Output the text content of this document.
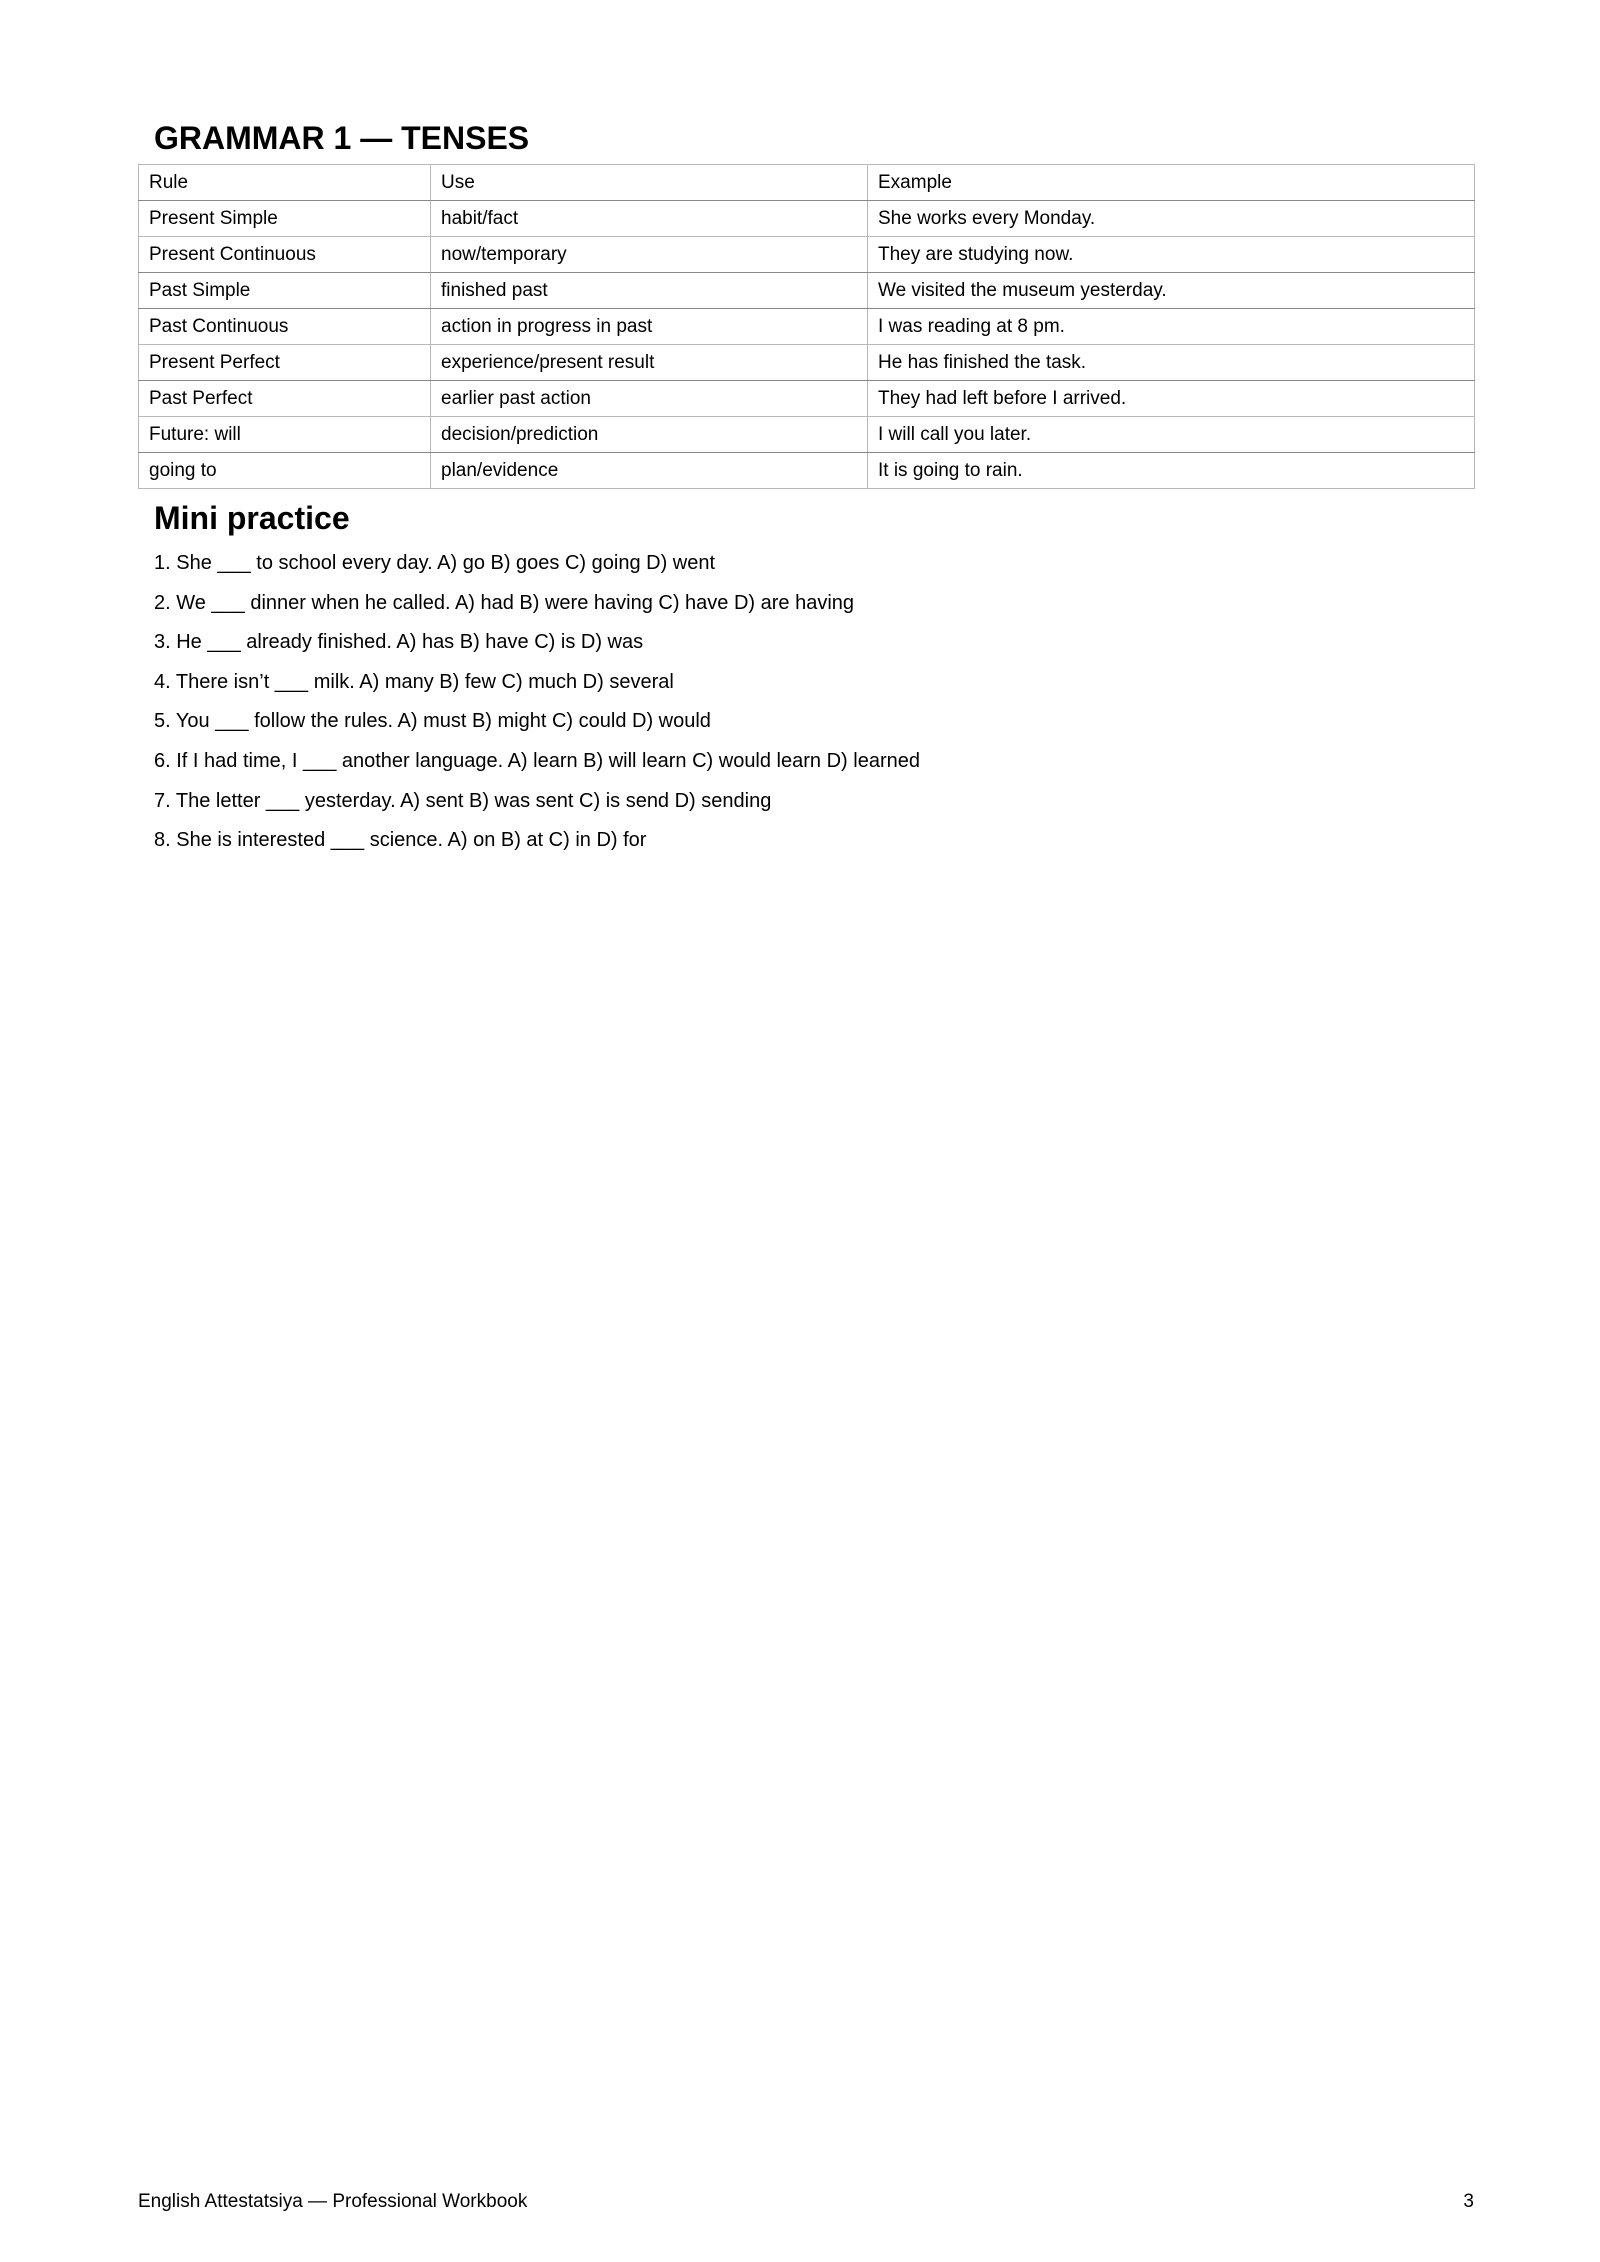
GRAMMAR 1 — TENSES
Rule	Use	Example
Present Simple	habit/fact	She works every Monday.
Present Continuous	now/temporary	They are studying now.
Past Simple	finished past	We visited the museum yesterday.
Past Continuous	action in progress in past	I was reading at 8 pm.
Present Perfect	experience/present result	He has finished the task.
Past Perfect	earlier past action	They had left before I arrived.
Future: will	decision/prediction	I will call you later.
going to	plan/evidence	It is going to rain.
Mini practice
1. She ___ to school every day. A) go B) goes C) going D) went
2. We ___ dinner when he called. A) had B) were having C) have D) are having
3. He ___ already finished. A) has B) have C) is D) was
4. There isn’t ___ milk. A) many B) few C) much D) several
5. You ___ follow the rules. A) must B) might C) could D) would
6. If I had time, I ___ another language. A) learn B) will learn C) would learn D) learned
7. The letter ___ yesterday. A) sent B) was sent C) is send D) sending
8. She is interested ___ science. A) on B) at C) in D) for
English Attestatsiya — Professional Workbook	3
